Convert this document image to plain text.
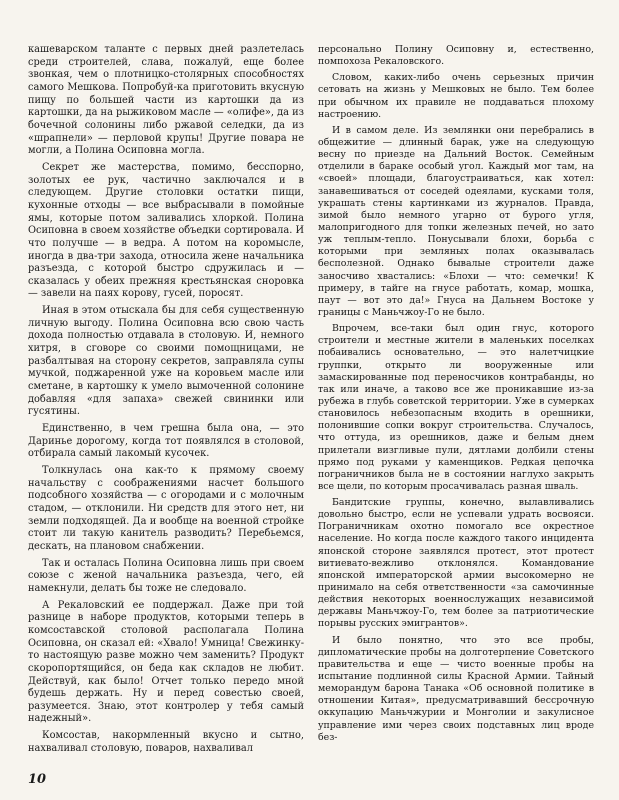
кашеварском таланте с первых дней разлетелась среди строителей, слава, пожалуй, еще более звонкая, чем о плотницко-столярных способностях самого Мешкова. Попробуй-ка приготовить вкусную пищу по большей части из картошки да из картошки, да на рыжиковом масле — «олифе», да из бочечной солонины либо ржавой селедки, да из «шрапнели» — перловой крупы! Другие повара не могли, а Полина Осиповна могла.

Секрет же мастерства, помимо, бесспорно, золотых ее рук, частично заключался и в следующем. Другие столовки остатки пищи, кухонные отходы — все выбрасывали в помойные ямы, которые потом заливались хлоркой. Полина Осиповна в своем хозяйстве объедки сортировала. И что получше — в ведра. А потом на коромысле, иногда в два-три захода, относила жене начальника разъезда, с которой быстро сдружилась и — сказалась у обеих прежняя крестьянская сноровка — завели на паях корову, гусей, поросят.

Иная в этом отыскала бы для себя существенную личную выгоду. Полина Осиповна всю свою часть дохода полностью отдавала в столовую. И, немного хитря, в сговоре со своими помощницами, не разбалтывая на сторону секретов, заправляла супы мучкой, поджаренной уже на коровьем масле или сметане, в картошку к умело вымоченной солонине добавляя «для запаха» свежей свининки или гусятины.

Единственно, в чем грешна была она, — это Даринье дорогому, когда тот появлялся в столовой, отбирала самый лакомый кусочек.

Толкнулась она как-то к прямому своему начальству с соображениями насчет большого подсобного хозяйства — с огородами и с молочным стадом, — отклонили. Ни средств для этого нет, ни земли подходящей. Да и вообще на военной стройке стоит ли такую канитель разводить? Перебьемся, дескать, на плановом снабжении.

Так и осталась Полина Осиповна лишь при своем союзе с женой начальника разъезда, чего, ей намекнули, делать бы тоже не следовало.

А Рекаловский ее поддержал. Даже при той разнице в наборе продуктов, которыми теперь в комсоставской столовой располагала Полина Осиповна, он сказал ей: «Хвало! Умница! Свежинку-то настоящую разве можно чем заменить? Продукт скоропортящийся, он беда как складов не любит. Действуй, как было! Отчет только передо мной будешь держать. Ну и перед совестью своей, разумеется. Знаю, этот контролер у тебя самый надежный».

Комсостав, накормленный вкусно и сытно, нахваливал столовую, поваров, нахваливал

персонально Полину Осиповну и, естественно, помпохоза Рекаловского.

Словом, каких-либо очень серьезных причин сетовать на жизнь у Мешковых не было. Тем более при обычном их правиле не поддаваться плохому настроению.

И в самом деле. Из землянки они перебрались в общежитие — длинный барак, уже на следующую весну по приезде на Дальний Восток. Семейным отделили в бараке особый угол. Каждый мог там, на «своей» площади, благоустраиваться, как хотел: занавешиваться от соседей одеялами, кусками толя, украшать стены картинками из журналов. Правда, зимой было немного угарно от бурого угля, малопригодного для топки железных печей, но зато уж теплым-тепло. Понусывали блохи, борьба с которыми при земляных полах оказывалась бесполезной. Однако бывалые строители даже заносчиво хвастались: «Блохи — что: семечки! К примеру, в тайге на гнусе работать, комар, мошка, паут — вот это да!» Гнуса на Дальнем Востоке у границы с Маньчжоу-Го не было.

Впрочем, все-таки был один гнус, которого строители и местные жители в маленьких поселках побаивались основательно, — это налетчицкие группки, открыто ли вооруженные или замаскированные под переносчиков контрабанды, но так или иначе, а таково все же проникавшие из-за рубежа в глубь советской территории. Уже в сумерках становилось небезопасным входить в орешники, полонившие сопки вокруг строительства. Случалось, что оттуда, из орешников, даже и белым днем прилетали визгливые пули, дятлами долбили стены прямо под руками у каменщиков. Редкая цепочка пограничников была не в состоянии наглухо закрыть все щели, по которым просачивалась разная шваль.

Бандитские группы, конечно, вылавливались довольно быстро, если не успевали удрать восвояси. Пограничникам охотно помогало все окрестное население. Но когда после каждого такого инцидента японской стороне заявлялся протест, этот протест витиевато-вежливо отклонялся. Командование японской императорской армии высокомерно не принимало на себя ответственности «за самочинные действия некоторых военнослужащих независимой державы Маньчжоу-Го, тем более за патриотические порывы русских эмигрантов».

И было понятно, что это все пробы, дипломатические пробы на долготерпение Советского правительства и еще — чисто военные пробы на испытание подлинной силы Красной Армии. Тайный меморандум барона Танака «Об основной политике в отношении Китая», предусматривавший бессрочную оккупацию Маньчжурии и Монголии и закулисное управление ими через своих подставных лиц вроде без-

10
